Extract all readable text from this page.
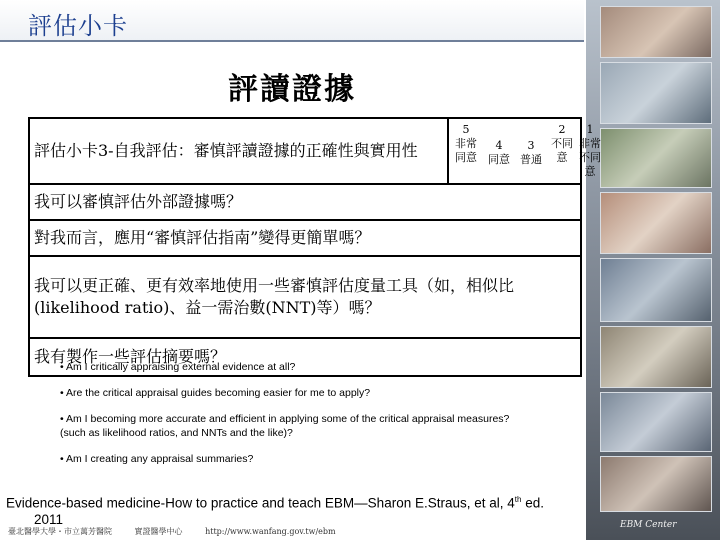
評估小卡
EBM Center
評讀證據
評估小卡3-自我評估：審慎評讀證據的正確性與實用性	
5
非常同意
4
同意
3
普通
2
不同意
1
非常不同意

我可以審慎評估外部證據嗎？
對我而言，應用“審慎評估指南”變得更簡單嗎？
我可以更正確、更有效率地使用一些審慎評估度量工具（如，相似比(likelihood ratio)、益一需治數(NNT)等）嗎？
我有製作一些評估摘要嗎？

• Am I critically appraising external evidence at all?

• Are the critical appraisal guides becoming easier for me to apply?

• Am I becoming more accurate and efficient in applying some of the critical appraisal measures? (such as likelihood ratios, and NNTs and the like)?

• Am I creating any appraisal summaries?

Evidence-based medicine-How to practice and teach EBM—Sharon E.Straus, et al, 4th ed.
2011
臺北醫學大學・市立萬芳醫院	實證醫學中心	http://www.wanfang.gov.tw/ebm
